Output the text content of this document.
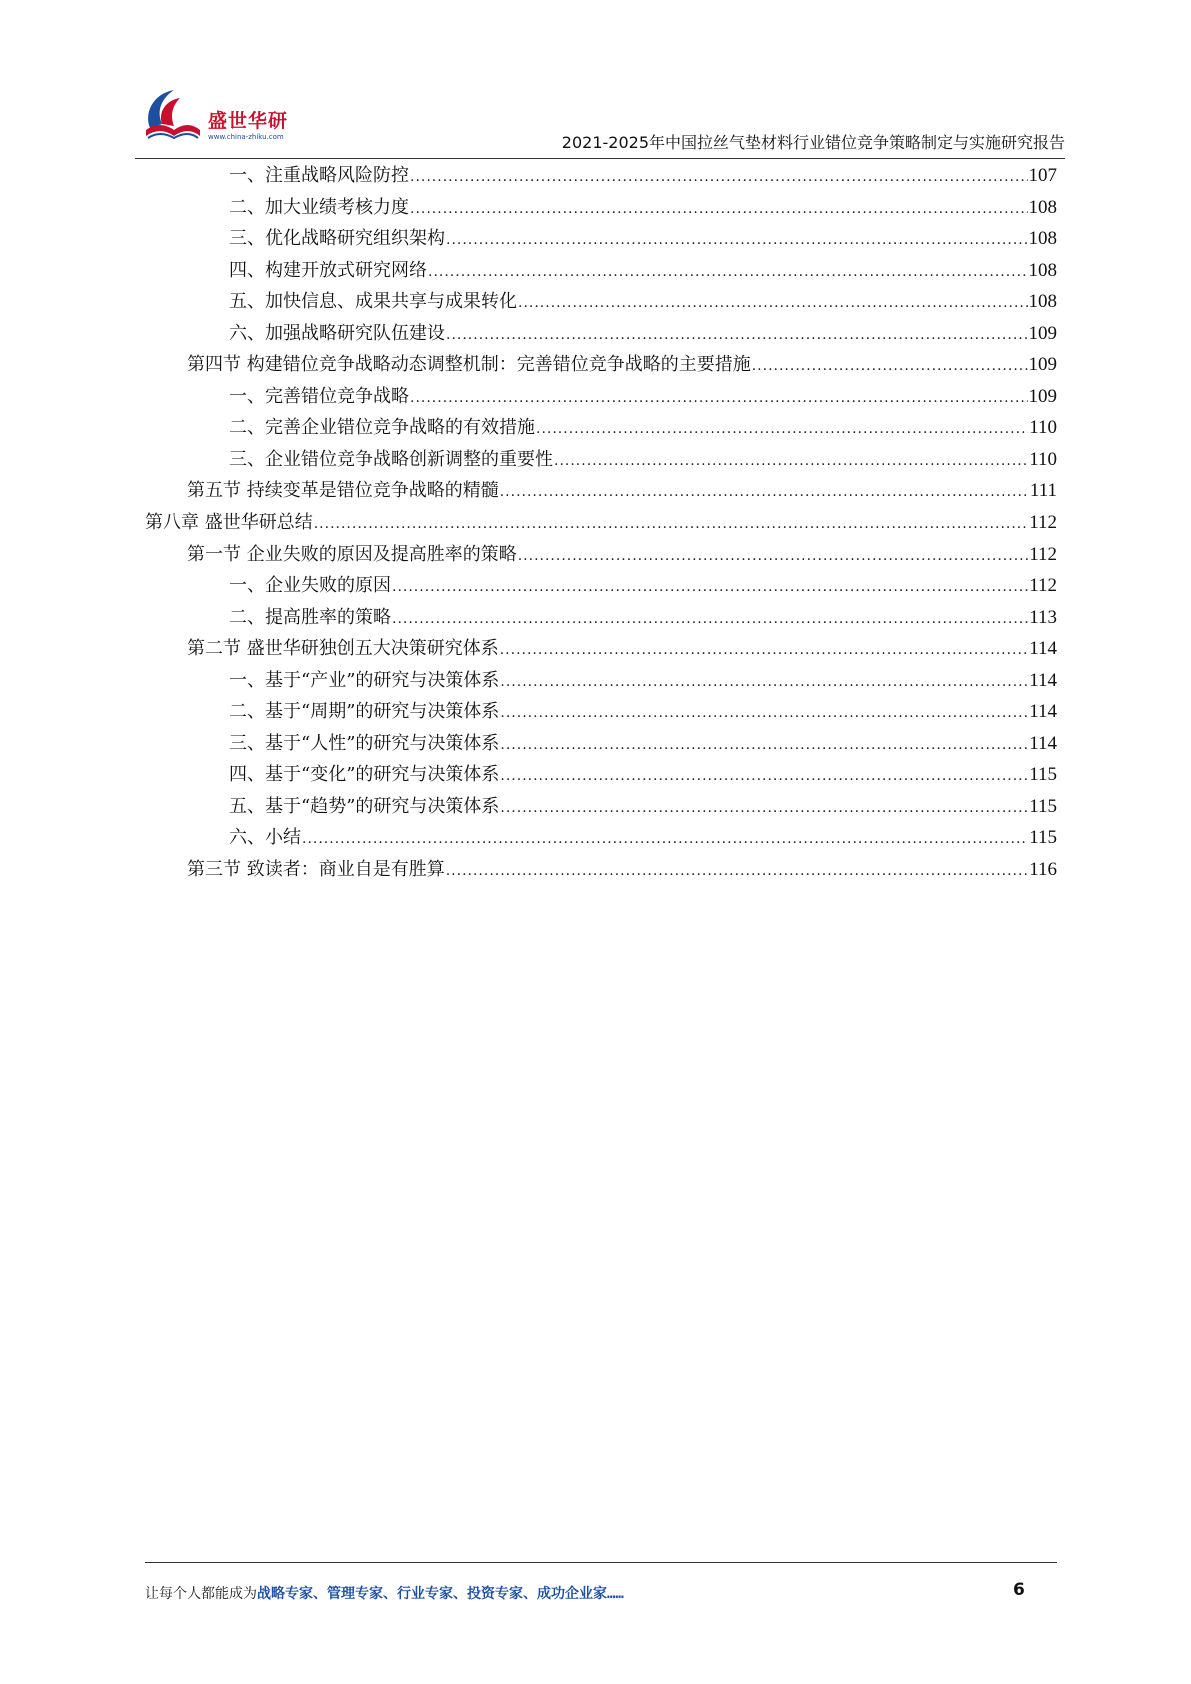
盛世华研
www.china-zhiku.com	2021-2025年中国拉丝气垫材料行业错位竞争策略制定与实施研究报告
一、注重战略风险防控 .....	107
二、加大业绩考核力度 .....	108
三、优化战略研究组织架构 .....	108
四、构建开放式研究网络 .....	108
五、加快信息、成果共享与成果转化 .....	108
六、加强战略研究队伍建设 .....	109
第四节 构建错位竞争战略动态调整机制：完善错位竞争战略的主要措施 .....	109
一、完善错位竞争战略 .....	109
二、完善企业错位竞争战略的有效措施 .....	110
三、企业错位竞争战略创新调整的重要性 .....	110
第五节 持续变革是错位竞争战略的精髓 .....	111
第八章 盛世华研总结 .....	112
第一节 企业失败的原因及提高胜率的策略 .....	112
一、企业失败的原因 .....	112
二、提高胜率的策略 .....	113
第二节 盛世华研独创五大决策研究体系 .....	114
一、基于“产业”的研究与决策体系 .....	114
二、基于“周期”的研究与决策体系 .....	114
三、基于“人性”的研究与决策体系 .....	114
四、基于“变化”的研究与决策体系 .....	115
五、基于“趋势”的研究与决策体系 .....	115
六、小结 .....	115
第三节 致读者：商业自是有胜算 .....	116
让每个人都能成为战略专家、管理专家、行业专家、投资专家、成功企业家……	6
